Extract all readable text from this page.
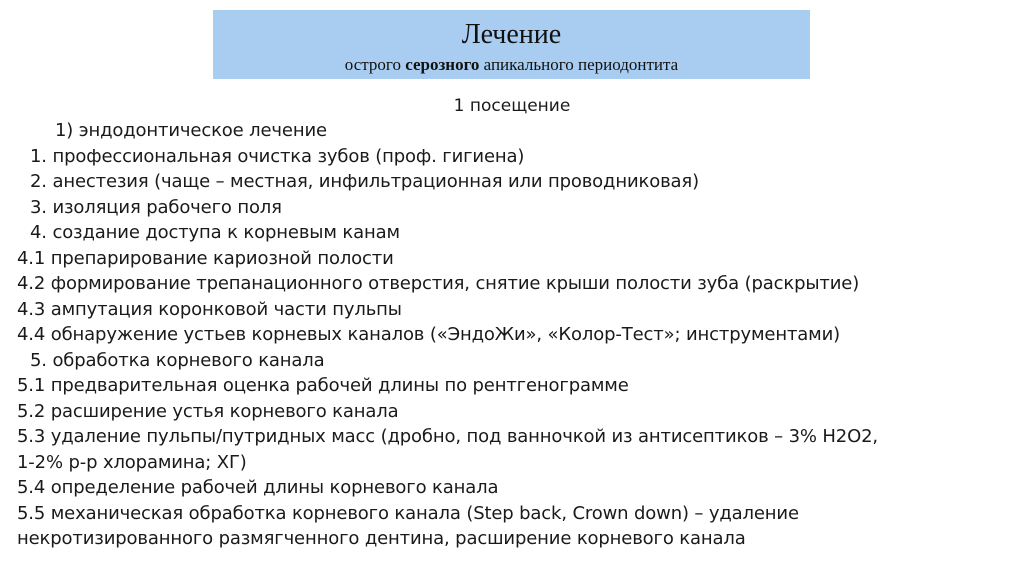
Лечение
острого серозного апикального периодонтита
1 посещение
1) эндодонтическое лечение
1. профессиональная очистка зубов (проф. гигиена)
2. анестезия (чаще – местная, инфильтрационная или проводниковая)
3. изоляция рабочего поля
4. создание доступа к корневым канам
4.1 препарирование кариозной полости
4.2 формирование трепанационного отверстия, снятие крыши полости зуба (раскрытие)
4.3 ампутация коронковой части пульпы
4.4 обнаружение устьев корневых каналов («ЭндоЖи», «Колор-Тест»; инструментами)
5. обработка корневого канала
5.1 предварительная оценка рабочей длины по рентгенограмме
5.2 расширение устья корневого канала
5.3 удаление пульпы/путридных масс (дробно, под ванночкой из антисептиков – 3% Н2О2,
1-2% р-р хлорамина; ХГ)
5.4 определение рабочей длины корневого канала
5.5 механическая обработка корневого канала (Step back, Crown down) – удаление
некротизированного размягченного дентина, расширение корневого канала
